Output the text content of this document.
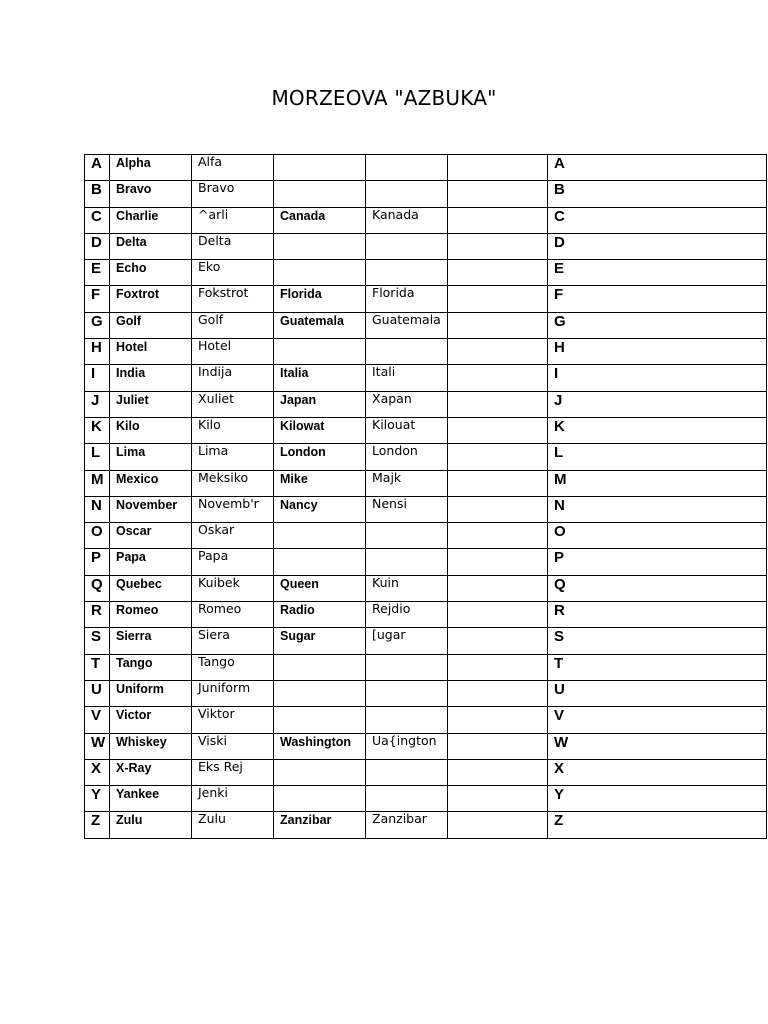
MORZEOVA "AZBUKA"
A	Alpha	Alfa				A
B	Bravo	Bravo				B
C	Charlie	^arli	Canada	Kanada		C
D	Delta	Delta				D
E	Echo	Eko				E
F	Foxtrot	Fokstrot	Florida	Florida		F
G	Golf	Golf	Guatemala	Guatemala		G
H	Hotel	Hotel				H
I	India	Indija	Italia	Itali		I
J	Juliet	Xuliet	Japan	Xapan		J
K	Kilo	Kilo	Kilowat	Kilouat		K
L	Lima	Lima	London	London		L
M	Mexico	Meksiko	Mike	Majk		M
N	November	Novemb'r	Nancy	Nensi		N
O	Oscar	Oskar				O
P	Papa	Papa				P
Q	Quebec	Kuibek	Queen	Kuin		Q
R	Romeo	Romeo	Radio	Rejdio		R
S	Sierra	Siera	Sugar	[ugar		S
T	Tango	Tango				T
U	Uniform	Juniform				U
V	Victor	Viktor				V
W	Whiskey	Viski	Washington	Ua{ington		W
X	X-Ray	Eks Rej				X
Y	Yankee	Jenki				Y
Z	Zulu	Zulu	Zanzibar	Zanzibar		Z
